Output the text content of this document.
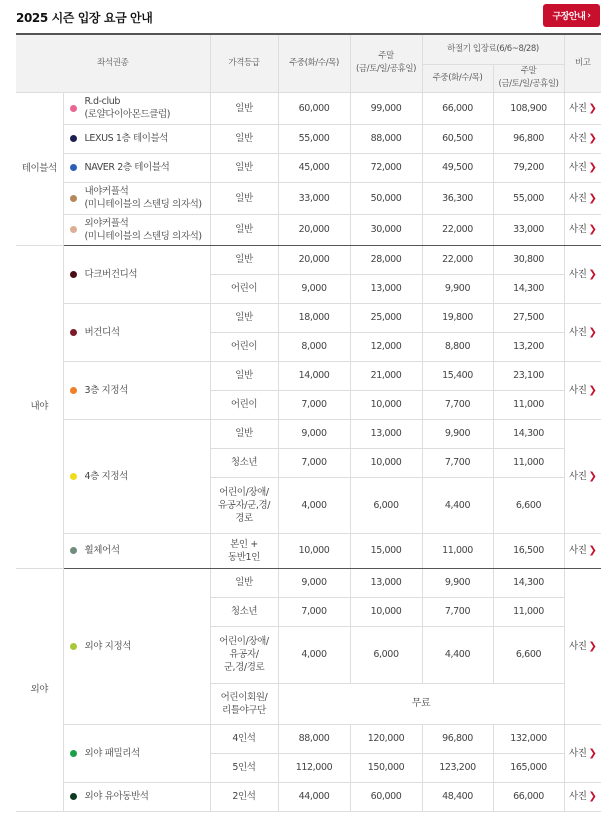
2025 시즌 입장 요금 안내	구장안내 ›
좌석권종		가격등급	주중(화/수/목)	주말
(금/토/일/공휴일)	하절기 입장료(6/6~8/28)		비고
					주중(화/수/목)	주말
(금/토/일/공휴일)	
테이블석	R.d-club
(로얄다이아몬드클럽)	일반	60,000	99,000	66,000	108,900	사진 ❯

	LEXUS 1층 테이블석	일반	55,000	88,000	60,500	96,800	사진 ❯

	NAVER 2층 테이블석	일반	45,000	72,000	49,500	79,200	사진 ❯

	내야커플석
(미니테이블의 스텐딩 의자석)	일반	33,000	50,000	36,300	55,000	사진 ❯

	외야커플석
(미니테이블의 스텐딩 의자석)	일반	20,000	30,000	22,000	33,000	사진 ❯
내야	다크버건디석	일반	20,000	28,000	22,000	30,800	사진 ❯
		어린이	9,000	13,000	9,900	14,300	

	버건디석	일반	18,000	25,000	19,800	27,500	사진 ❯
		어린이	8,000	12,000	8,800	13,200	

	3층 지정석	일반	14,000	21,000	15,400	23,100	사진 ❯
		어린이	7,000	10,000	7,700	11,000	

	4층 지정석	일반	9,000	13,000	9,900	14,300	사진 ❯
		청소년	7,000	10,000	7,700	11,000	
		어린이/장애/
유공자/군,경/
경로	4,000	6,000	4,400	6,600	

	휠체어석	본인 +
동반1인	10,000	15,000	11,000	16,500	사진 ❯
외야	외야 지정석	일반	9,000	13,000	9,900	14,300	사진 ❯
		청소년	7,000	10,000	7,700	11,000	
		어린이/장애/
유공자/
군,경/경로	4,000	6,000	4,400	6,600	
		어린이회원/
리틀야구단	무료				

	외야 패밀리석	4인석	88,000	120,000	96,800	132,000	사진 ❯
		5인석	112,000	150,000	123,200	165,000	

	외야 유아동반석	2인석	44,000	60,000	48,400	66,000	사진 ❯
